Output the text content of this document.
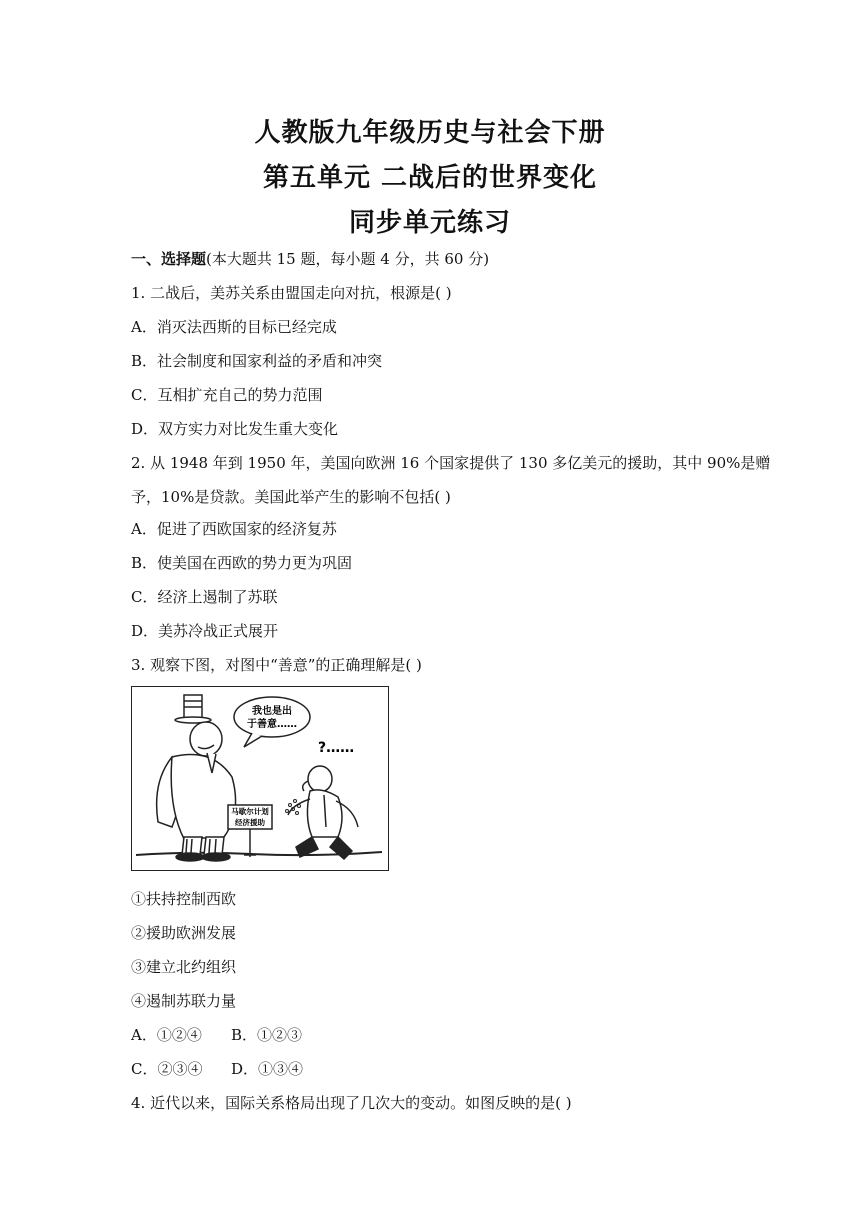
人教版九年级历史与社会下册
第五单元 二战后的世界变化
同步单元练习
一、选择题(本大题共 15 题，每小题 4 分，共 60 分)
1. 二战后，美苏关系由盟国走向对抗，根源是( )
A．消灭法西斯的目标已经完成
B．社会制度和国家利益的矛盾和冲突
C．互相扩充自己的势力范围
D．双方实力对比发生重大变化
2. 从 1948 年到 1950 年，美国向欧洲 16 个国家提供了 130 多亿美元的援助，其中 90%是赠
予，10%是贷款。美国此举产生的影响不包括( )
A．促进了西欧国家的经济复苏
B．使美国在西欧的势力更为巩固
C．经济上遏制了苏联
D．美苏冷战正式展开
3. 观察下图，对图中“善意”的正确理解是( )
我也是出
于善意……
?……
马歇尔计划
经济援助
①扶持控制西欧
②援助欧洲发展
③建立北约组织
④遏制苏联力量
A．①②④ B．①②③
C．②③④ D．①③④
4. 近代以来，国际关系格局出现了几次大的变动。如图反映的是( )
